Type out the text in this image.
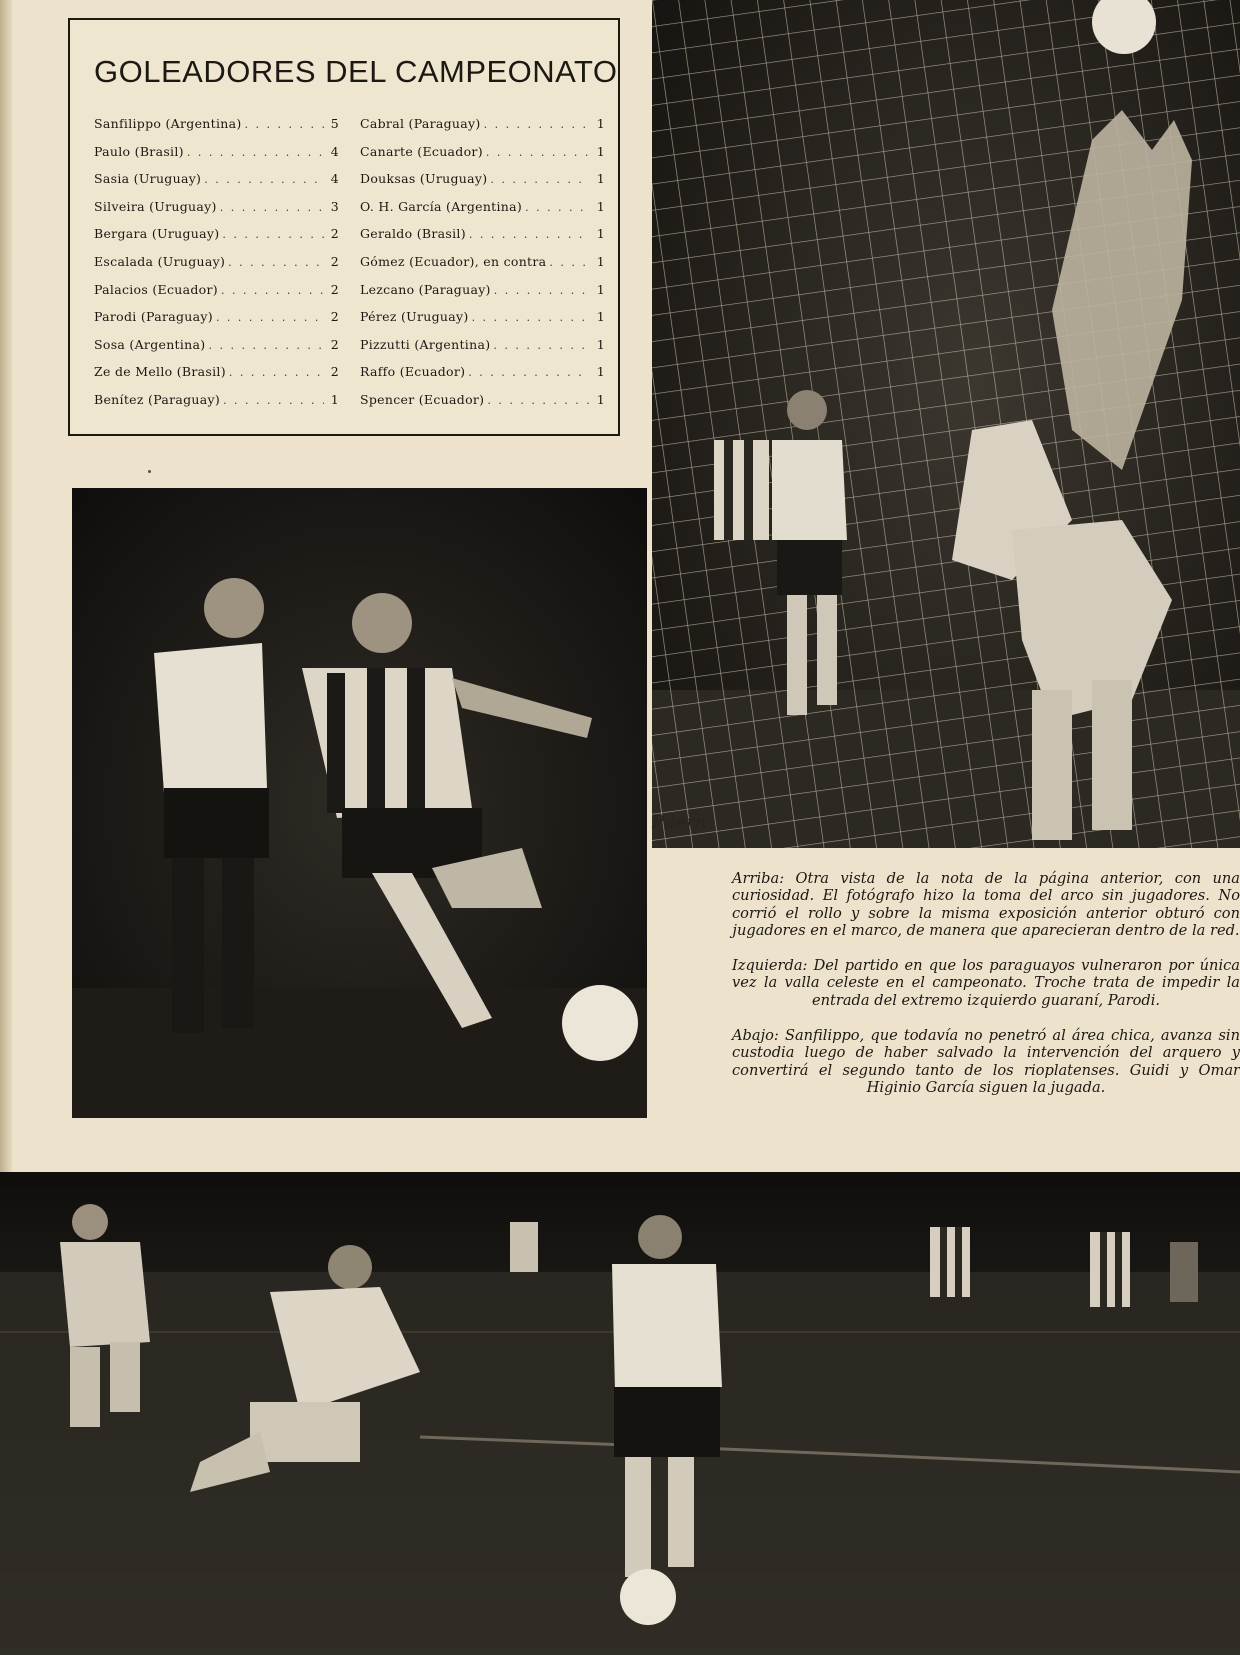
GOLEADORES DEL CAMPEONATO
Sanfilippo (Argentina) . . .	5
Paulo (Brasil) . . .	4
Sasia (Uruguay) . . .	4
Silveira (Uruguay) . . .	3
Bergara (Uruguay) . . .	2
Escalada (Uruguay) . . .	2
Palacios (Ecuador) . . .	2
Parodi (Paraguay) . . .	2
Sosa (Argentina) . . .	2
Ze de Mello (Brasil) . . .	2
Benítez (Paraguay) . . .	1
Cabral (Paraguay) . . .	1
Canarte (Ecuador) . . .	1
Douksas (Uruguay) . . .	1
O. H. García (Argentina) . . .	1
Geraldo (Brasil) . . .	1
Gómez (Ecuador), en contra . . .	1
Lezcano (Paraguay) . . .	1
Pérez (Uruguay) . . .	1
Pizzutti (Argentina) . . .	1
Raffo (Ecuador) . . .	1
Spencer (Ecuador) . . .	1
Pdern

Arriba: Otra vista de la nota de la página anterior, con una curiosidad. El fotógrafo hizo la toma del arco sin jugadores. No corrió el rollo y sobre la misma exposición anterior obturó con jugadores en el marco, de manera que aparecieran dentro de la red.

Izquierda: Del partido en que los paraguayos vulneraron por única vez la valla celeste en el campeonato. Troche trata de impedir la entrada del extremo izquierdo guaraní, Parodi.

Abajo: Sanfilippo, que todavía no penetró al área chica, avanza sin custodia luego de haber salvado la intervención del arquero y convertirá el segundo tanto de los rioplatenses. Guidi y Omar Higinio García siguen la jugada.
